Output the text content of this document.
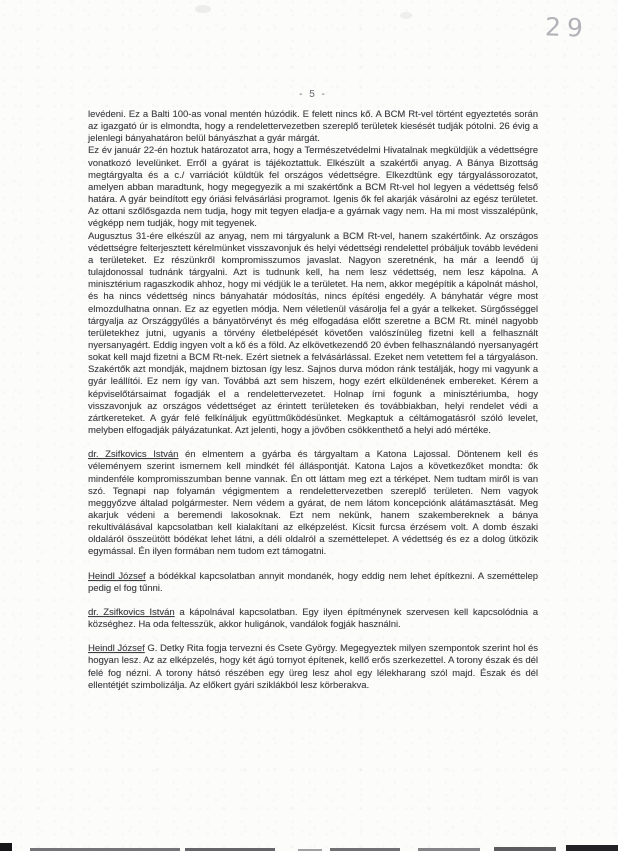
29
- 5 -

levédeni. Ez a Balti 100-as vonal mentén húzódik. E felett nincs kő. A BCM Rt-vel történt egyeztetés során az igazgató úr is elmondta, hogy a rendelettervezetben szereplő területek kiesését tudják pótolni. 26 évig a jelenlegi bányahatáron belül bányászhat a gyár márgát.

Ez év január 22-én hoztuk határozatot arra, hogy a Természetvédelmi Hivatalnak megküldjük a védettségre vonatkozó levelünket. Erről a gyárat is tájékoztattuk. Elkészült a szakértői anyag. A Bánya Bizottság megtárgyalta és a c./ varriációt küldtük fel országos védettségre. Elkezdtünk egy tárgyalássorozatot, amelyen abban maradtunk, hogy megegyezik a mi szakértőnk a BCM Rt-vel hol legyen a védettség felső határa. A gyár beindított egy óriási felvásárlási programot. Igenis ők fel akarják vásárolni az egész területet. Az ottani szőlősgazda nem tudja, hogy mit tegyen eladja-e a gyárnak vagy nem. Ha mi most visszalépünk, végképp nem tudják, hogy mit tegyenek.

Augusztus 31-ére elkészül az anyag, nem mi tárgyalunk a BCM Rt-vel, hanem szakértőink. Az országos védettségre felterjesztett kérelmünket visszavonjuk és helyi védettségi rendelettel próbáljuk tovább levédeni a területeket. Ez részünkről kompromisszumos javaslat. Nagyon szeretnénk, ha már a leendő új tulajdonossal tudnánk tárgyalni. Azt is tudnunk kell, ha nem lesz védettség, nem lesz kápolna. A minisztérium ragaszkodik ahhoz, hogy mi védjük le a területet. Ha nem, akkor megépítik a kápolnát máshol, és ha nincs védettség nincs bányahatár módosítás, nincs építési engedély. A bányhatár végre most elmozdulhatna onnan. Ez az egyetlen módja. Nem véletlenül vásárolja fel a gyár a telkeket. Sürgősséggel tárgyalja az Országgyűlés a bányatörvényt és még elfogadása előtt szeretne a BCM Rt. minél nagyobb területekhez jutni, ugyanis a törvény életbelépését követően valószínüleg fizetni kell a felhasznált nyersanyagért. Eddig ingyen volt a kő és a föld. Az elkövetkezendő 20 évben felhasználandó nyersanyagért sokat kell majd fizetni a BCM Rt-nek. Ezért sietnek a felvásárlással. Ezeket nem vetettem fel a tárgyaláson. Szakértők azt mondják, majdnem biztosan így lesz. Sajnos durva módon ránk testálják, hogy mi vagyunk a gyár leállítói. Ez nem így van. Továbbá azt sem hiszem, hogy ezért elküldenének embereket. Kérem a képviselőtársaimat fogadják el a rendelettervezetet. Holnap írni fogunk a minisztériumba, hogy visszavonjuk az országos védettséget az érintett területeken és továbbiakban, helyi rendelet védi a zártkereteket. A gyár felé felkínáljuk együttműködésünket. Megkaptuk a céltámogatásról szóló levelet, melyben elfogadják pályázatunkat. Azt jelenti, hogy a jövőben csökkenthető a helyi adó mértéke.

dr. Zsifkovics István én elmentem a gyárba és tárgyaltam a Katona Lajossal. Döntenem kell és véleményem szerint ismernem kell mindkét fél álláspontját. Katona Lajos a következőket mondta: ők mindenféle kompromisszumban benne vannak. Én ott láttam meg ezt a térképet. Nem tudtam miről is van szó. Tegnapi nap folyamán végigmentem a rendelettervezetben szereplő területen. Nem vagyok meggyőzve általad polgármester. Nem védem a gyárat, de nem látom koncepciónk alátámasztását. Meg akarjuk védeni a beremendi lakosoknak. Ezt nem nekünk, hanem szakembereknek a bánya rekultiválásával kapcsolatban kell kialakítani az elképzelést. Kicsit furcsa érzésem volt. A domb északi oldaláról összeütött bódékat lehet látni, a déli oldalról a szeméttelepet. A védettség és ez a dolog ütközik egymással. Én ilyen formában nem tudom ezt támogatni.

Heindl József a bódékkal kapcsolatban annyit mondanék, hogy eddig nem lehet építkezni. A szeméttelep pedig el fog tűnni.

dr. Zsifkovics István a kápolnával kapcsolatban. Egy ilyen építménynek szervesen kell kapcsolódnia a községhez. Ha oda feltesszük, akkor huligánok, vandálok fogják használni.

Heindl József G. Detky Rita fogja tervezni és Csete György. Megegyeztek milyen szempontok szerint hol és hogyan lesz. Az az elképzelés, hogy két ágú tornyot építenek, kellő erős szerkezettel. A torony észak és dél felé fog nézni. A torony hátsó részében egy üreg lesz ahol egy lélekharang szól majd. Észak és dél ellentétjét szimbolizálja. Az előkert gyári sziklákból lesz körberakva.
